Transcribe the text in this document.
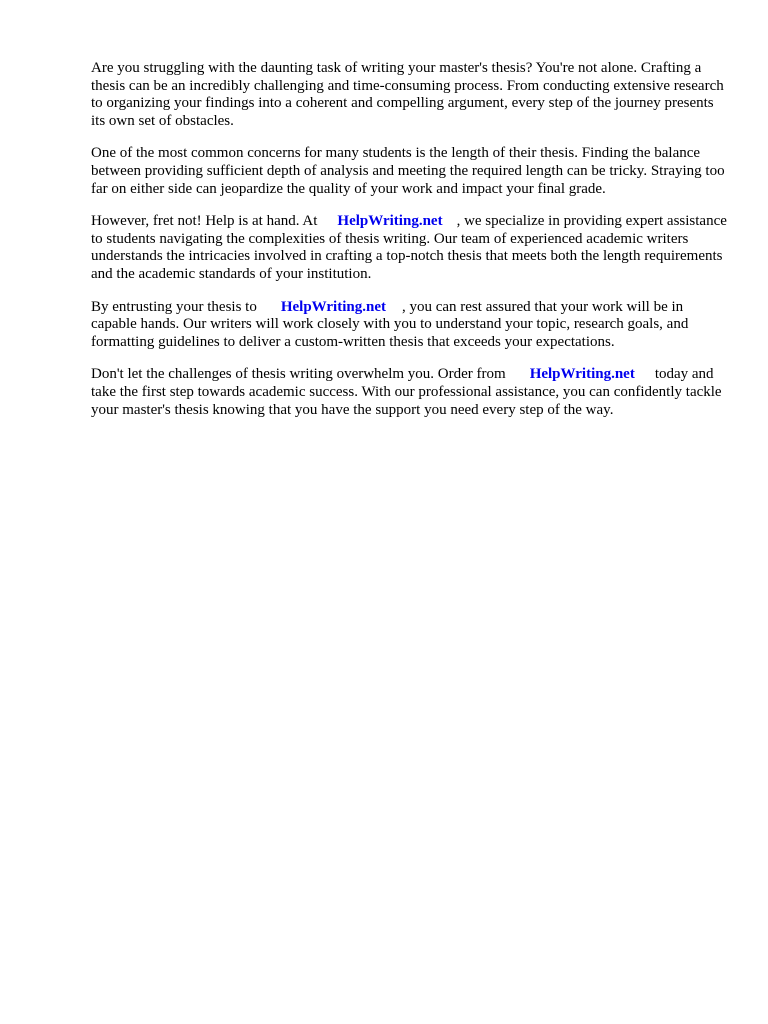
Are you struggling with the daunting task of writing your master's thesis? You're not alone. Crafting a thesis can be an incredibly challenging and time-consuming process. From conducting extensive research to organizing your findings into a coherent and compelling argument, every step of the journey presents its own set of obstacles.

One of the most common concerns for many students is the length of their thesis. Finding the balance between providing sufficient depth of analysis and meeting the required length can be tricky. Straying too far on either side can jeopardize the quality of your work and impact your final grade.

However, fret not! Help is at hand. At HelpWriting.net , we specialize in providing expert assistance to students navigating the complexities of thesis writing. Our team of experienced academic writers understands the intricacies involved in crafting a top-notch thesis that meets both the length requirements and the academic standards of your institution.

By entrusting your thesis to HelpWriting.net , you can rest assured that your work will be in capable hands. Our writers will work closely with you to understand your topic, research goals, and formatting guidelines to deliver a custom-written thesis that exceeds your expectations.

Don't let the challenges of thesis writing overwhelm you. Order from HelpWriting.net today and take the first step towards academic success. With our professional assistance, you can confidently tackle your master's thesis knowing that you have the support you need every step of the way.
